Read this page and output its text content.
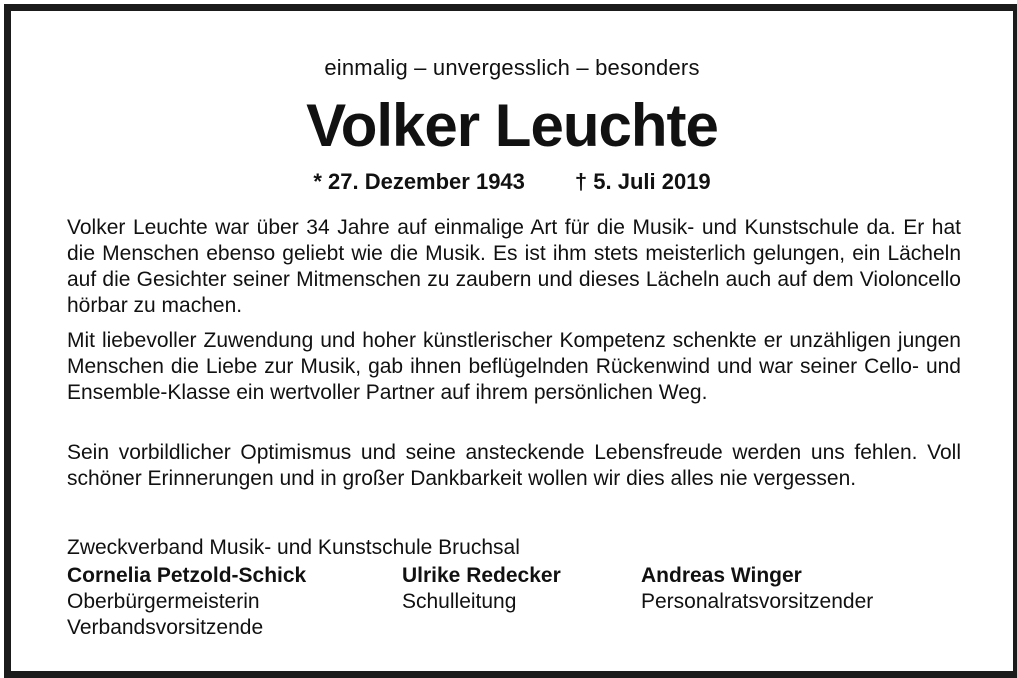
einmalig – unvergesslich – besonders
Volker Leuchte
* 27. Dezember 1943 † 5. Juli 2019

Volker Leuchte war über 34 Jahre auf einmalige Art für die Musik- und Kunstschule da. Er hat die Menschen ebenso geliebt wie die Musik. Es ist ihm stets meisterlich gelungen, ein Lächeln auf die Gesichter seiner Mitmenschen zu zaubern und dieses Lächeln auch auf dem Violoncello hörbar zu machen.

Mit liebevoller Zuwendung und hoher künstlerischer Kompetenz schenkte er unzähligen jungen Menschen die Liebe zur Musik, gab ihnen beflügelnden Rückenwind und war seiner Cello- und Ensemble-Klasse ein wertvoller Partner auf ihrem persönlichen Weg.

Sein vorbildlicher Optimismus und seine ansteckende Lebensfreude werden uns fehlen. Voll schöner Erinnerungen und in großer Dankbarkeit wollen wir dies alles nie vergessen.

Zweckverband Musik- und Kunstschule Bruchsal
Cornelia Petzold-Schick
Oberbürgermeisterin
Verbandsvorsitzende
Ulrike Redecker
Schulleitung
Andreas Winger
Personalratsvorsitzender
